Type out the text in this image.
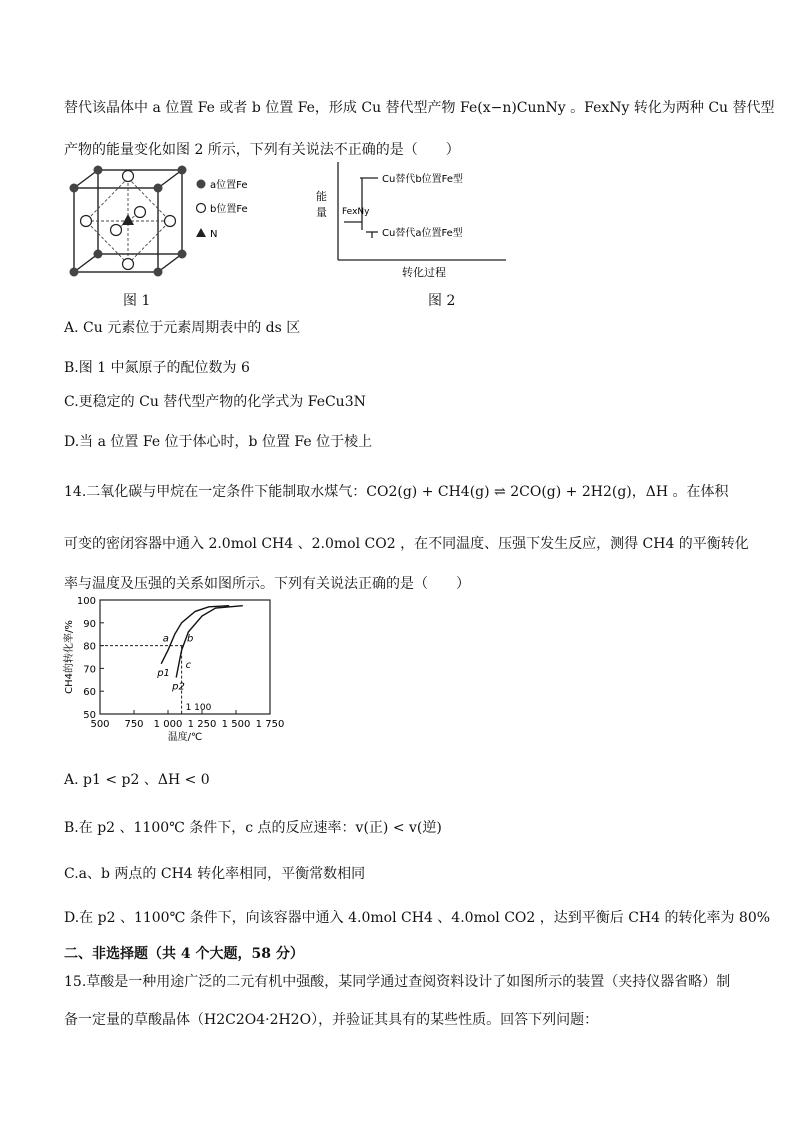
替代该晶体中 a 位置 Fe 或者 b 位置 Fe，形成 Cu 替代型产物 Fe(x−n)CunNy 。FexNy 转化为两种 Cu 替代型
产物的能量变化如图 2 所示，下列有关说法不正确的是（　　）
a位置Fe
b位置Fe
N
图 1
能
量 FexNy
Cu替代b位置Fe型
Cu替代a位置Fe型
转化过程
图 2
A. Cu 元素位于元素周期表中的 ds 区
B.图 1 中氮原子的配位数为 6
C.更稳定的 Cu 替代型产物的化学式为 FeCu3N
D.当 a 位置 Fe 位于体心时，b 位置 Fe 位于棱上
14.二氧化碳与甲烷在一定条件下能制取水煤气：CO2(g) + CH4(g) ⇌ 2CO(g) + 2H2(g)，ΔH 。在体积
可变的密闭容器中通入 2.0mol CH4 、2.0mol CO2 ，在不同温度、压强下发生反应，测得 CH4 的平衡转化
率与温度及压强的关系如图所示。下列有关说法正确的是（　　）
50
60
70
80
90
100
500 750 1 000 1 250 1 500 1 750
温度/℃
CH4的转化率/%
1 100
p1
p2
a b
c
A. p1 < p2 、ΔH < 0
B.在 p2 、1100℃ 条件下，c 点的反应速率：v(正) < v(逆)
C.a、b 两点的 CH4 转化率相同，平衡常数相同
D.在 p2 、1100℃ 条件下，向该容器中通入 4.0mol CH4 、4.0mol CO2 ，达到平衡后 CH4 的转化率为 80%
二、非选择题（共 4 个大题，58 分）
15.草酸是一种用途广泛的二元有机中强酸，某同学通过查阅资料设计了如图所示的装置（夹持仪器省略）制
备一定量的草酸晶体（H2C2O4·2H2O），并验证其具有的某些性质。回答下列问题：
